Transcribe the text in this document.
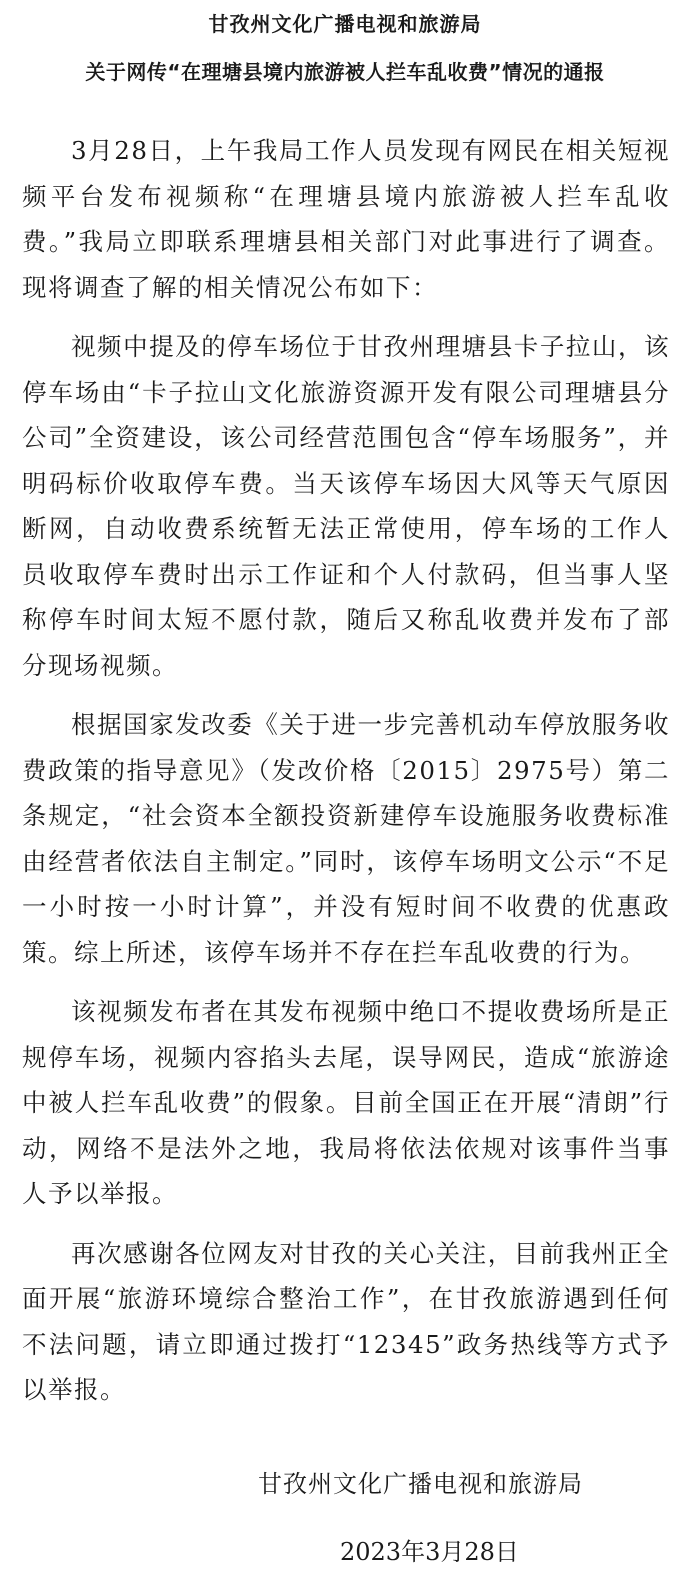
甘孜州文化广播电视和旅游局
关于网传“在理塘县境内旅游被人拦车乱收费”情况的通报

3月28日，上午我局工作人员发现有网民在相关短视频平台发布视频称“在理塘县境内旅游被人拦车乱收费。”我局立即联系理塘县相关部门对此事进行了调查。现将调查了解的相关情况公布如下：

视频中提及的停车场位于甘孜州理塘县卡子拉山，该停车场由“卡子拉山文化旅游资源开发有限公司理塘县分公司”全资建设，该公司经营范围包含“停车场服务”，并明码标价收取停车费。当天该停车场因大风等天气原因断网，自动收费系统暂无法正常使用，停车场的工作人员收取停车费时出示工作证和个人付款码，但当事人坚称停车时间太短不愿付款，随后又称乱收费并发布了部分现场视频。

根据国家发改委《关于进一步完善机动车停放服务收费政策的指导意见》（发改价格〔2015〕2975号）第二条规定，“社会资本全额投资新建停车设施服务收费标准由经营者依法自主制定。”同时，该停车场明文公示“不足一小时按一小时计算”，并没有短时间不收费的优惠政策。综上所述，该停车场并不存在拦车乱收费的行为。

该视频发布者在其发布视频中绝口不提收费场所是正规停车场，视频内容掐头去尾，误导网民，造成“旅游途中被人拦车乱收费”的假象。目前全国正在开展“清朗”行动，网络不是法外之地，我局将依法依规对该事件当事人予以举报。

再次感谢各位网友对甘孜的关心关注，目前我州正全面开展“旅游环境综合整治工作”，在甘孜旅游遇到任何不法问题，请立即通过拨打“12345”政务热线等方式予以举报。

甘孜州文化广播电视和旅游局
2023年3月28日
